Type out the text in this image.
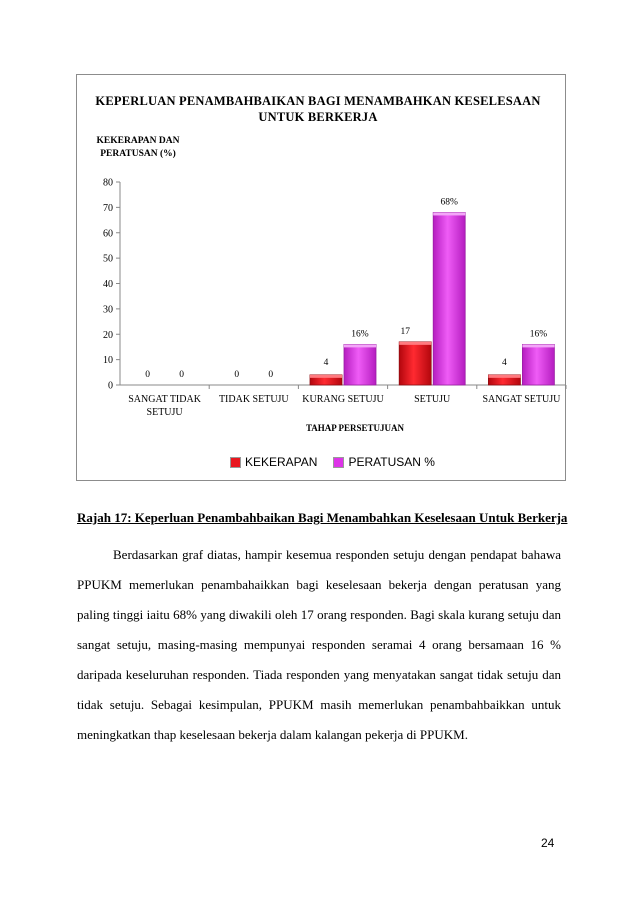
KEPERLUAN PENAMBAHBAIKAN BAGI MENAMBAHKAN KESELESAAN UNTUK BERKERJA
KEKERAPAN DAN PERATUSAN (%)
0
10
20
30
40
50
60
70
80
SANGAT TIDAK
SETUJU
0	0
TIDAK SETUJU
0	0
KURANG SETUJU
4
16%
SETUJU
17
68%
SANGAT SETUJU
4
16%
TAHAP PERSETUJUAN
KEKERAPAN	PERATUSAN %
Rajah 17: Keperluan Penambahbaikan Bagi Menambahkan Keselesaan Untuk Berkerja
Berdasarkan graf diatas, hampir kesemua responden setuju dengan pendapat bahawa PPUKM memerlukan penambahaikkan bagi keselesaan bekerja dengan peratusan yang paling tinggi iaitu 68% yang diwakili oleh 17 orang responden. Bagi skala kurang setuju dan sangat setuju, masing-masing mempunyai responden seramai 4 orang bersamaan 16 % daripada keseluruhan responden. Tiada responden yang menyatakan sangat tidak setuju dan tidak setuju. Sebagai kesimpulan, PPUKM masih memerlukan penambahbaikkan untuk meningkatkan thap keselesaan bekerja dalam kalangan pekerja di PPUKM.
24
